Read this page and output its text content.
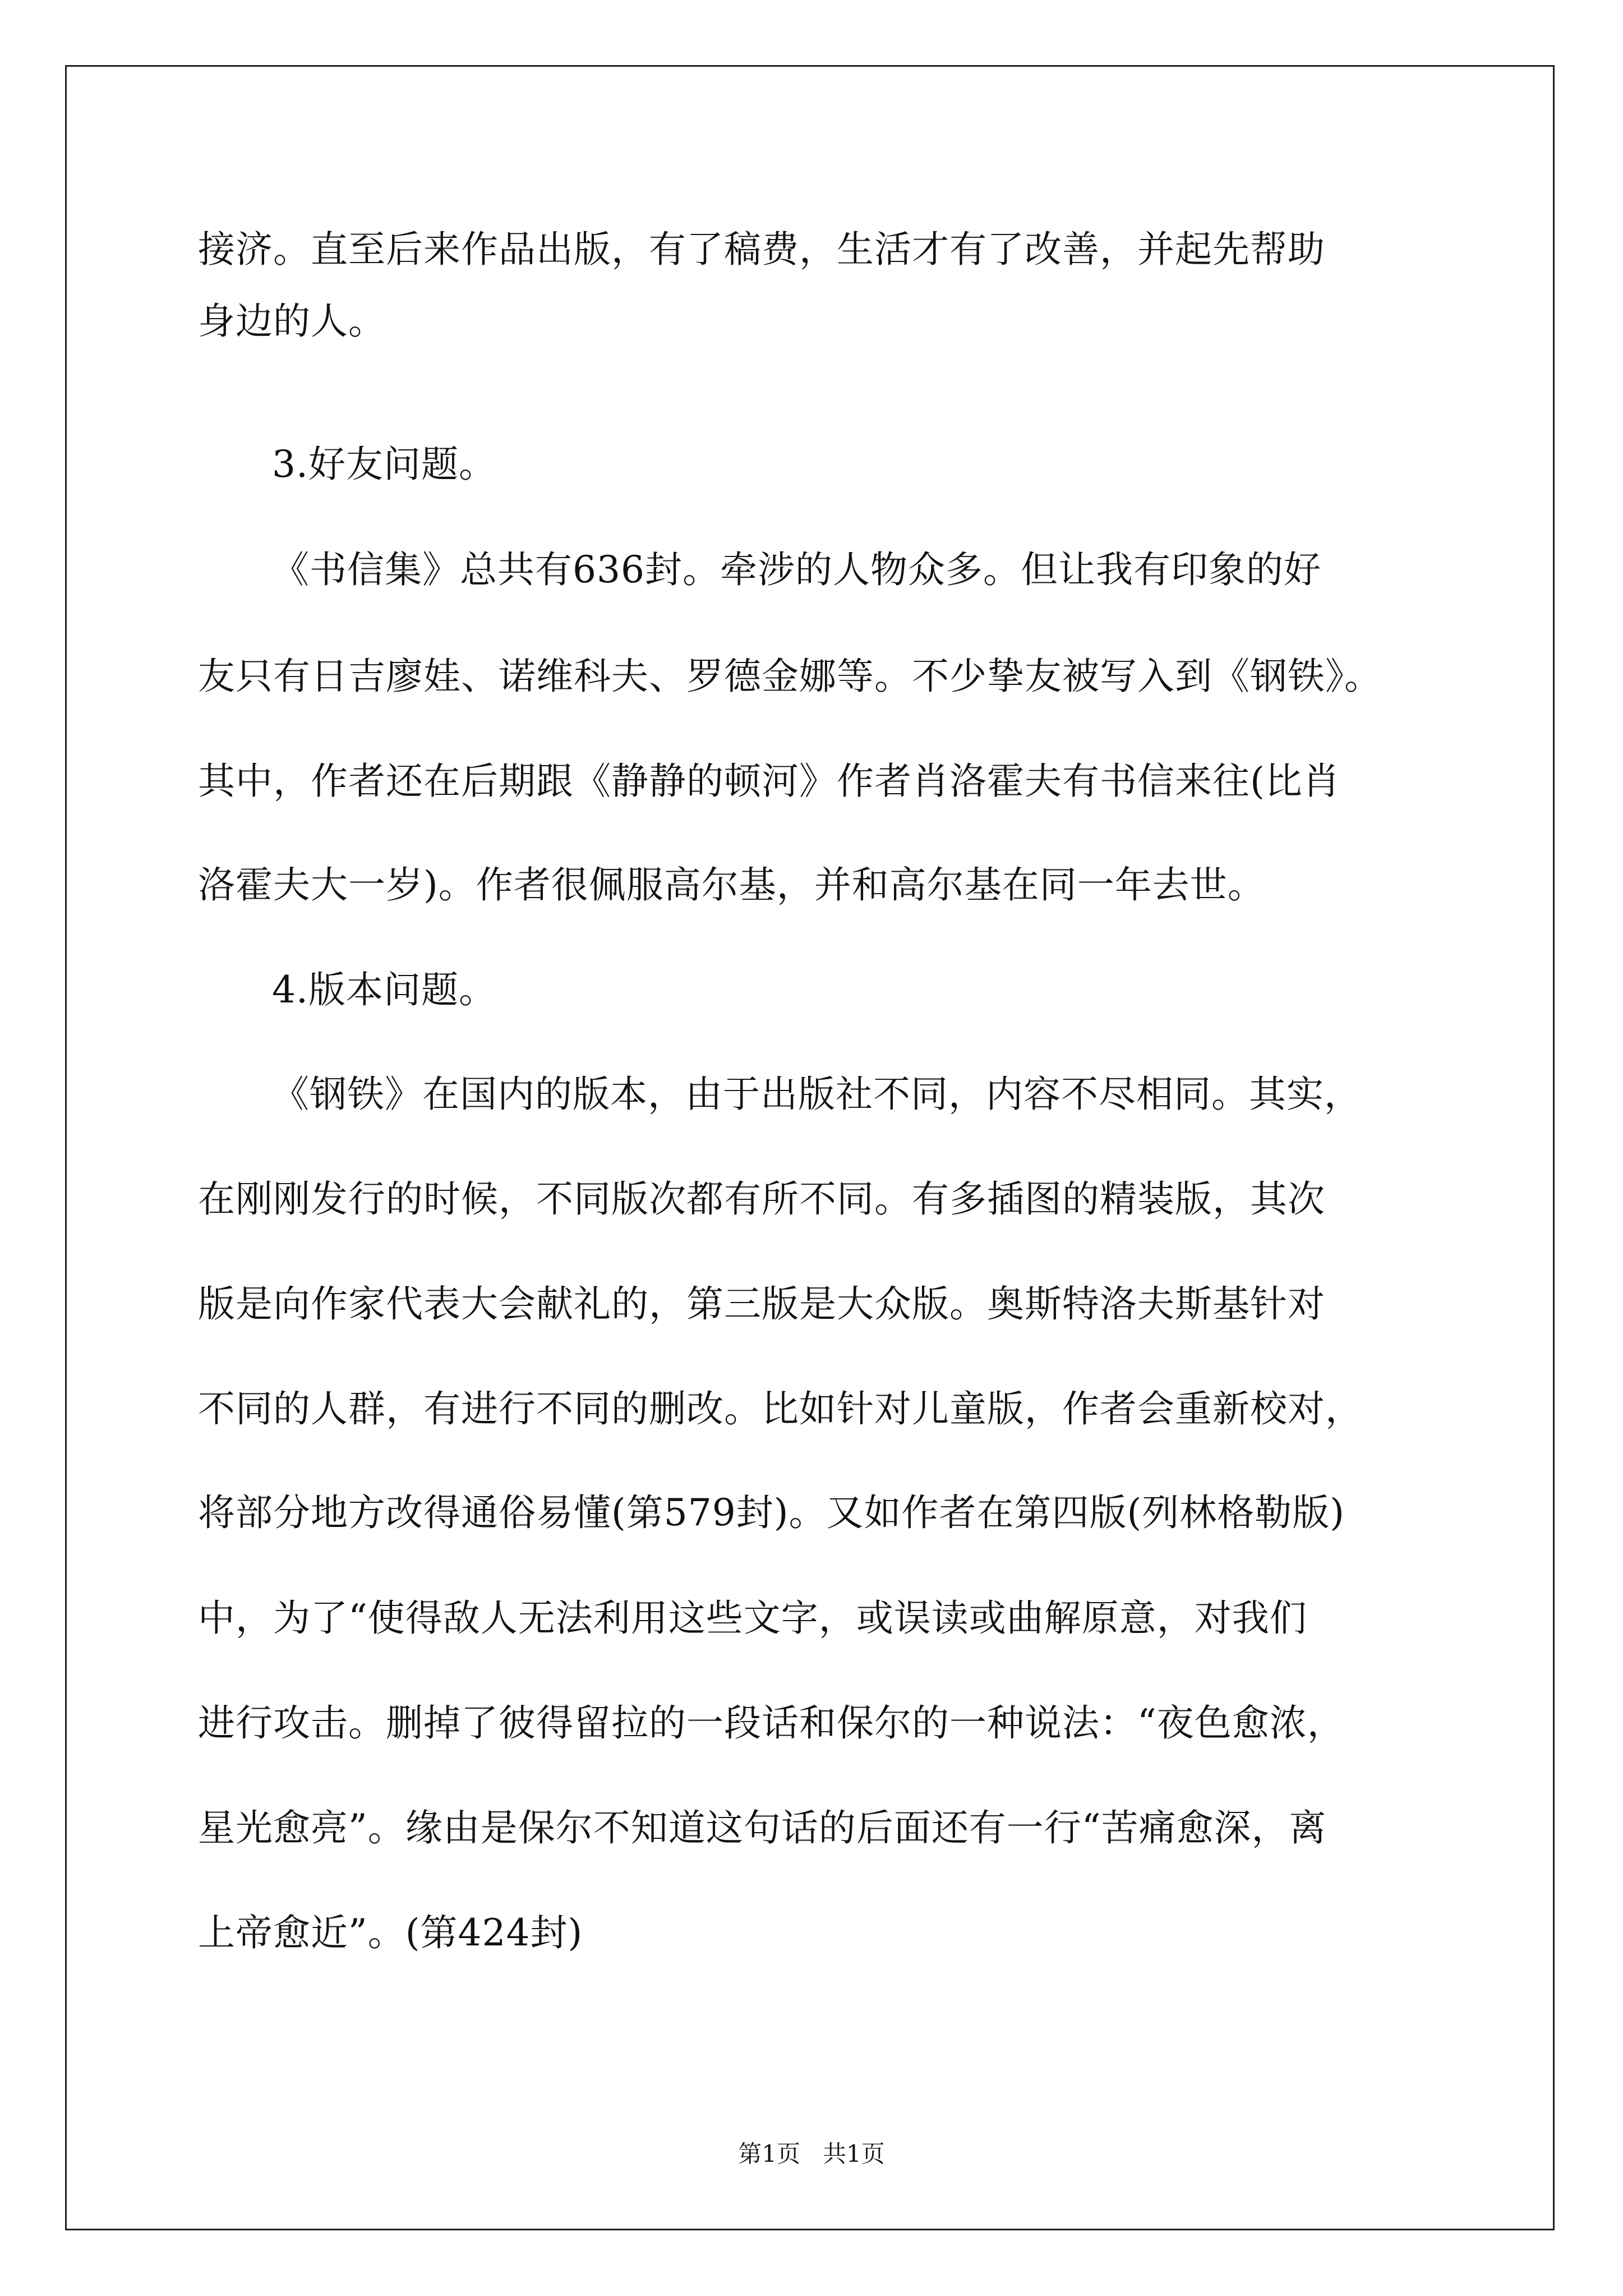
接济。直至后来作品出版，有了稿费，生活才有了改善，并起先帮助
身边的人。
3.好友问题。
《书信集》总共有636封。牵涉的人物众多。但让我有印象的好
友只有日吉廖娃、诺维科夫、罗德金娜等。不少挚友被写入到《钢铁》。
其中，作者还在后期跟《静静的顿河》作者肖洛霍夫有书信来往(比肖
洛霍夫大一岁)。作者很佩服高尔基，并和高尔基在同一年去世。
4.版本问题。
《钢铁》在国内的版本，由于出版社不同，内容不尽相同。其实，
在刚刚发行的时候，不同版次都有所不同。有多插图的精装版，其次
版是向作家代表大会献礼的，第三版是大众版。奥斯特洛夫斯基针对
不同的人群，有进行不同的删改。比如针对儿童版，作者会重新校对，
将部分地方改得通俗易懂(第579封)。又如作者在第四版(列林格勒版)
中，为了“使得敌人无法利用这些文字，或误读或曲解原意，对我们
进行攻击。删掉了彼得留拉的一段话和保尔的一种说法：“夜色愈浓，
星光愈亮”。缘由是保尔不知道这句话的后面还有一行“苦痛愈深，离
上帝愈近”。(第424封)
第1页   共1页
